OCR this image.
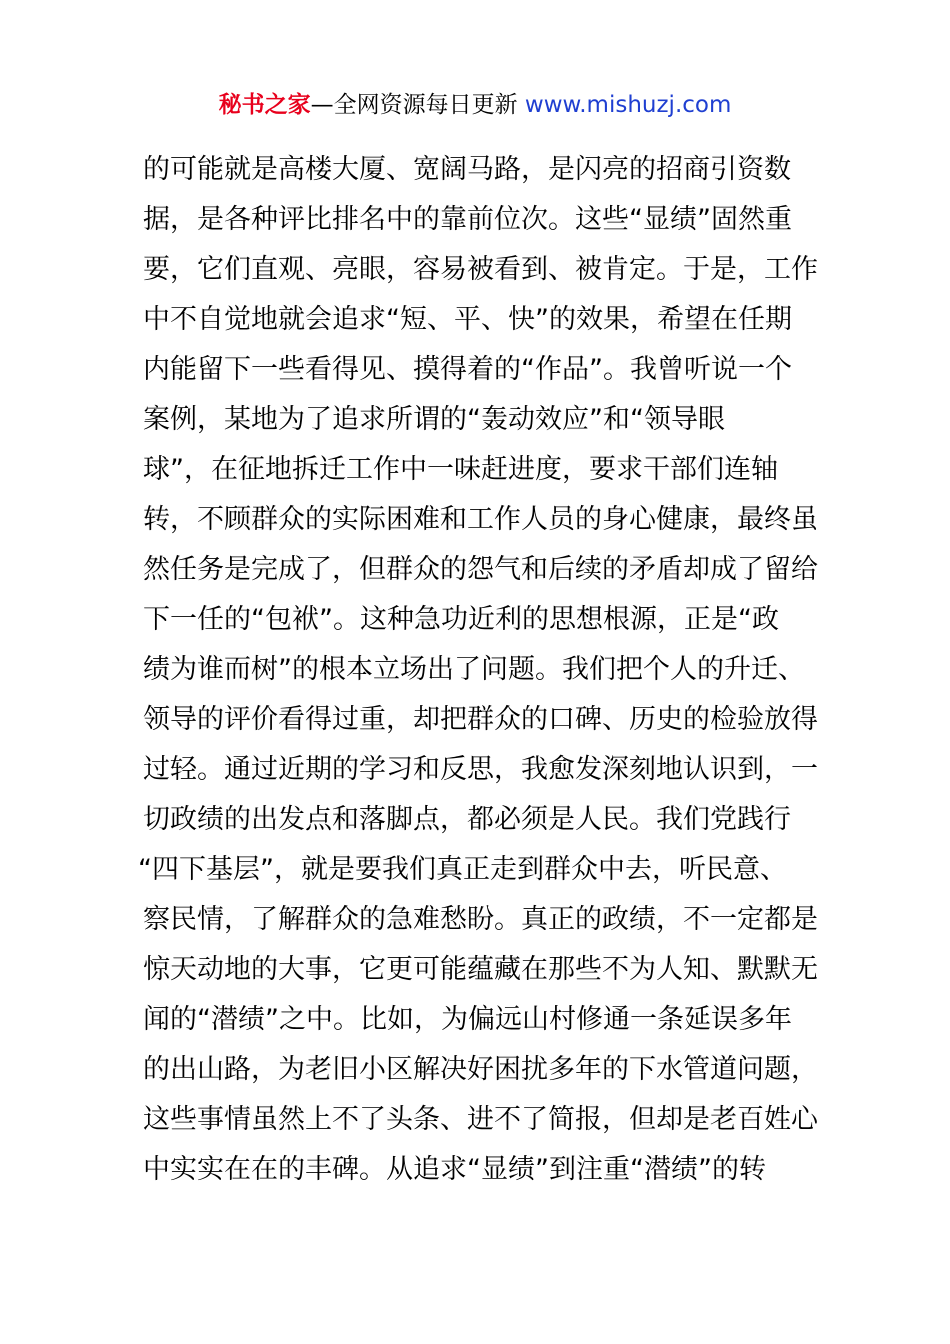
秘书之家—全网资源每日更新 www.mishuzj.com
的可能就是高楼大厦、宽阔马路，是闪亮的招商引资数
据，是各种评比排名中的靠前位次。这些“显绩”固然重
要，它们直观、亮眼，容易被看到、被肯定。于是，工作
中不自觉地就会追求“短、平、快”的效果，希望在任期
内能留下一些看得见、摸得着的“作品”。我曾听说一个
案例，某地为了追求所谓的“轰动效应”和“领导眼
球”，在征地拆迁工作中一味赶进度，要求干部们连轴
转，不顾群众的实际困难和工作人员的身心健康，最终虽
然任务是完成了，但群众的怨气和后续的矛盾却成了留给
下一任的“包袱”。这种急功近利的思想根源，正是“政
绩为谁而树”的根本立场出了问题。我们把个人的升迁、
领导的评价看得过重，却把群众的口碑、历史的检验放得
过轻。通过近期的学习和反思，我愈发深刻地认识到，一
切政绩的出发点和落脚点，都必须是人民。我们党践行
“四下基层”，就是要我们真正走到群众中去，听民意、
察民情，了解群众的急难愁盼。真正的政绩，不一定都是
惊天动地的大事，它更可能蕴藏在那些不为人知、默默无
闻的“潜绩”之中。比如，为偏远山村修通一条延误多年
的出山路，为老旧小区解决好困扰多年的下水管道问题，
这些事情虽然上不了头条、进不了简报，但却是老百姓心
中实实在在的丰碑。从追求“显绩”到注重“潜绩”的转
